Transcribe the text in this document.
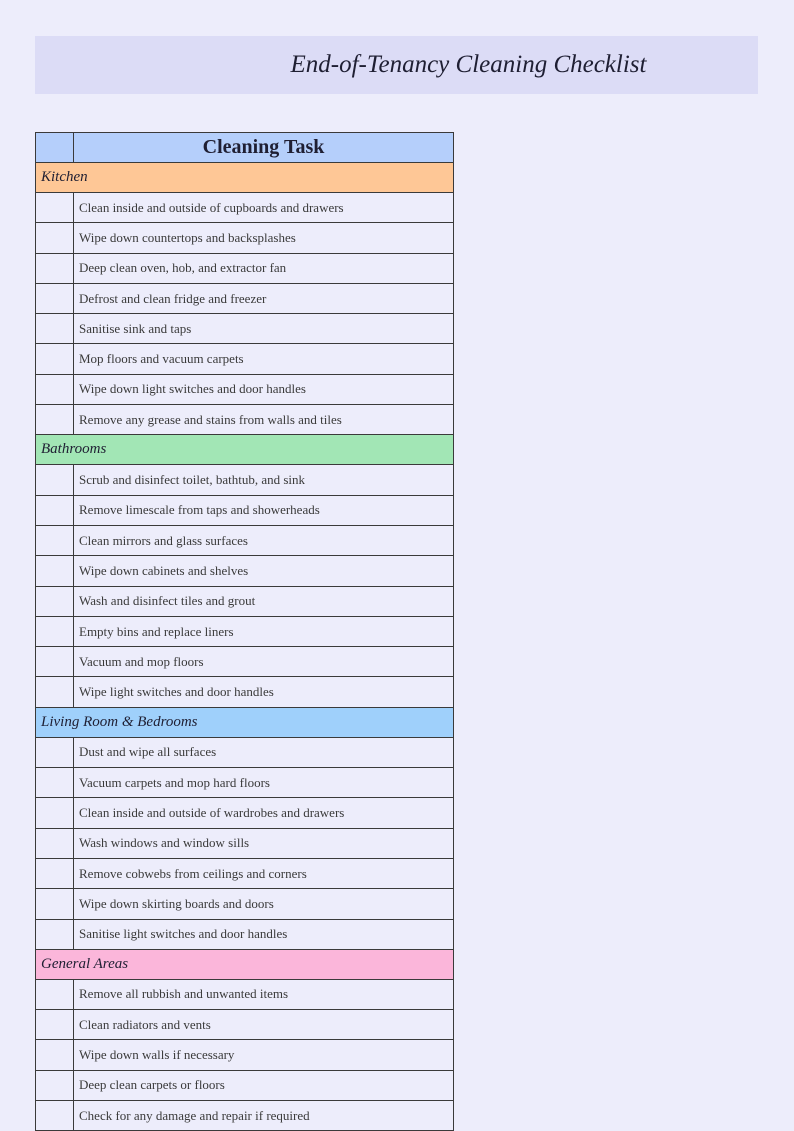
End-of-Tenancy Cleaning Checklist
	Cleaning Task
Kitchen	
	Clean inside and outside of cupboards and drawers
	Wipe down countertops and backsplashes
	Deep clean oven, hob, and extractor fan
	Defrost and clean fridge and freezer
	Sanitise sink and taps
	Mop floors and vacuum carpets
	Wipe down light switches and door handles
	Remove any grease and stains from walls and tiles
Bathrooms	
	Scrub and disinfect toilet, bathtub, and sink
	Remove limescale from taps and showerheads
	Clean mirrors and glass surfaces
	Wipe down cabinets and shelves
	Wash and disinfect tiles and grout
	Empty bins and replace liners
	Vacuum and mop floors
	Wipe light switches and door handles
Living Room & Bedrooms	
	Dust and wipe all surfaces
	Vacuum carpets and mop hard floors
	Clean inside and outside of wardrobes and drawers
	Wash windows and window sills
	Remove cobwebs from ceilings and corners
	Wipe down skirting boards and doors
	Sanitise light switches and door handles
General Areas	
	Remove all rubbish and unwanted items
	Clean radiators and vents
	Wipe down walls if necessary
	Deep clean carpets or floors
	Check for any damage and repair if required
